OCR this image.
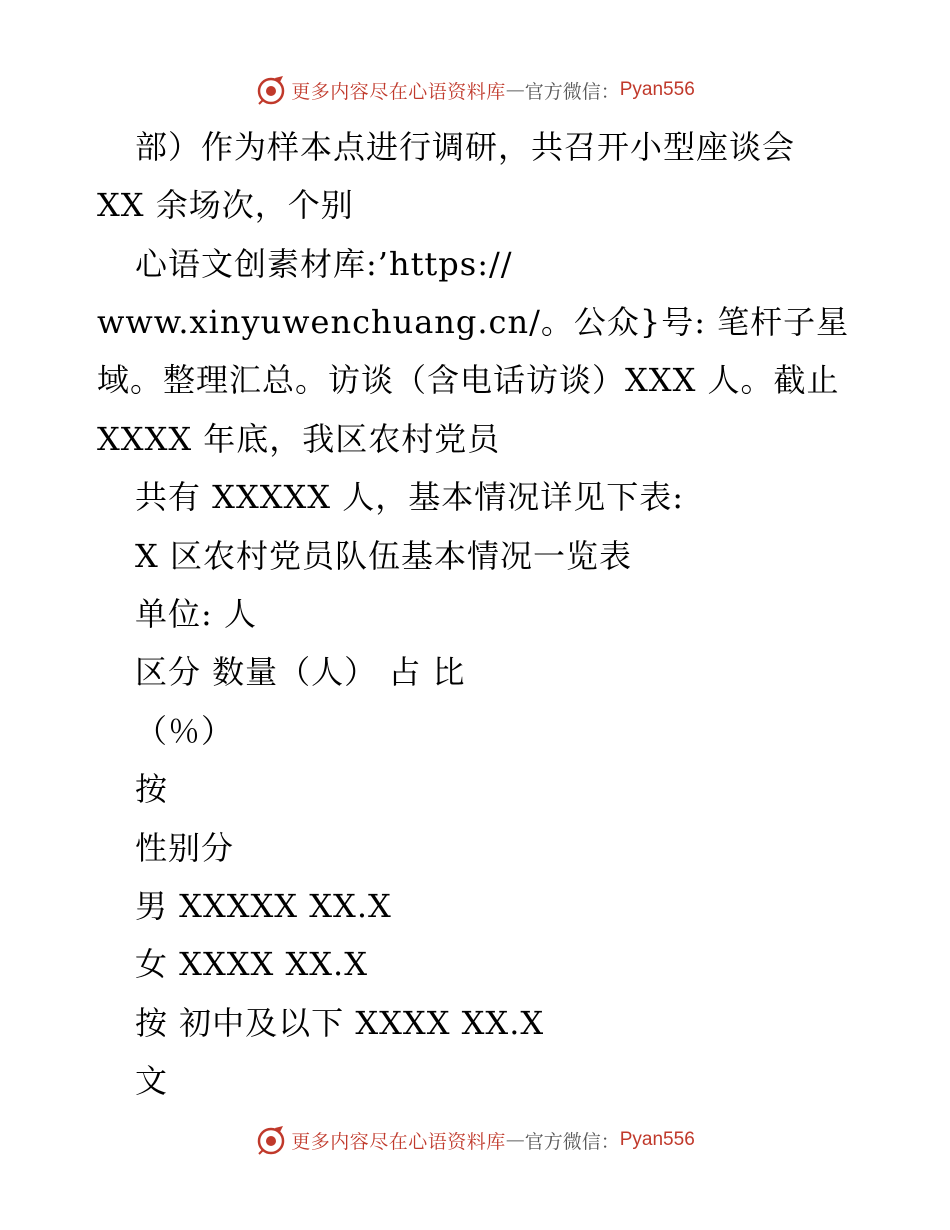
更多内容尽在心语资料库 — 官方微信： Pyan556
部）作为样本点进行调研，共召开小型座谈会
XX 余场次，个别
心语文创素材库:’https://
www.xinyuwenchuang.cn/。公众}号: 笔杆子星
域。整理汇总。访谈（含电话访谈）XXX 人。截止
XXXX 年底，我区农村党员
共有 XXXXX 人，基本情况详见下表:
X 区农村党员队伍基本情况一览表
单位: 人
区分 数量（人） 占 比
（％）
按
性别分
男 XXXXX XX.X
女 XXXX XX.X
按 初中及以下 XXXX XX.X
文
更多内容尽在心语资料库 — 官方微信： Pyan556
